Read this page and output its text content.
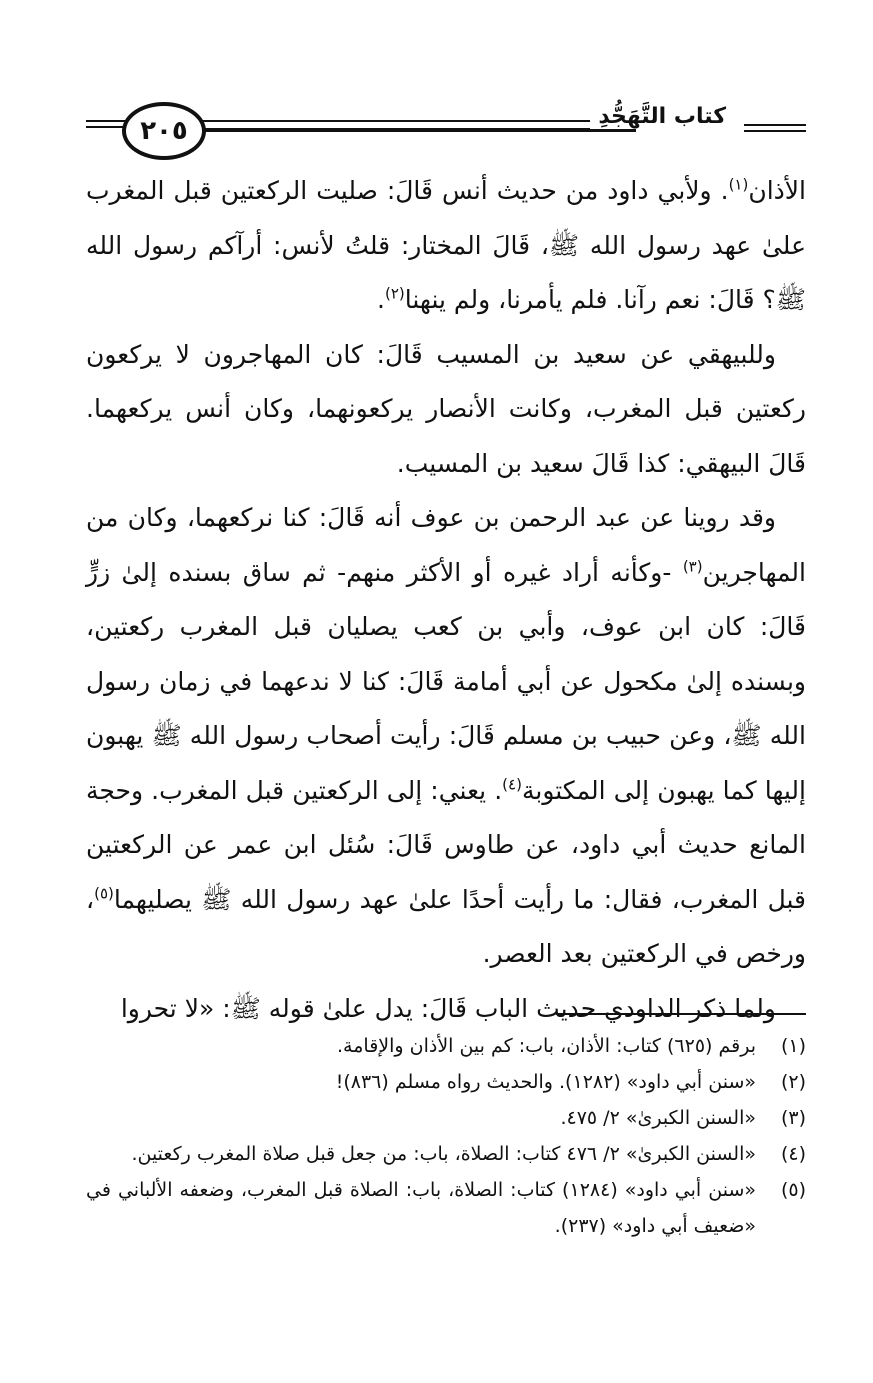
٢٠٥	كتاب التَّهَجُّدِ

الأذان$^{(١)}$. ولأبي داود من حديث أنس قَالَ: صليت الركعتين قبل المغرب علىٰ عهد رسول الله ﷺ، قَالَ المختار: قلتُ لأنس: أرآكم رسول الله ﷺ؟ قَالَ: نعم رآنا. فلم يأمرنا، ولم ينهنا$^{(٢)}$.

وللبيهقي عن سعيد بن المسيب قَالَ: كان المهاجرون لا يركعون ركعتين قبل المغرب، وكانت الأنصار يركعونهما، وكان أنس يركعهما. قَالَ البيهقي: كذا قَالَ سعيد بن المسيب.

وقد روينا عن عبد الرحمن بن عوف أنه قَالَ: كنا نركعهما، وكان من المهاجرين$^{(٣)}$ -وكأنه أراد غيره أو الأكثر منهم- ثم ساق بسنده إلىٰ زرٍّ قَالَ: كان ابن عوف، وأبي بن كعب يصليان قبل المغرب ركعتين، وبسنده إلىٰ مكحول عن أبي أمامة قَالَ: كنا لا ندعهما في زمان رسول الله ﷺ، وعن حبيب بن مسلم قَالَ: رأيت أصحاب رسول الله ﷺ يهبون إليها كما يهبون إلى المكتوبة$^{(٤)}$. يعني: إلى الركعتين قبل المغرب. وحجة المانع حديث أبي داود، عن طاوس قَالَ: سُئل ابن عمر عن الركعتين قبل المغرب، فقال: ما رأيت أحدًا علىٰ عهد رسول الله ﷺ يصليهما$^{(٥)}$، ورخص في الركعتين بعد العصر.

ولما ذكر الداودي حديث الباب قَالَ: يدل علىٰ قوله ﷺ: «لا تحروا

(١)
برقم (٦٢٥) كتاب: الأذان، باب: كم بين الأذان والإقامة.
(٢)
«سنن أبي داود» (١٢٨٢). والحديث رواه مسلم (٨٣٦)!
(٣)
«السنن الكبرىٰ» ٢/ ٤٧٥.
(٤)
«السنن الكبرىٰ» ٢/ ٤٧٦ كتاب: الصلاة، باب: من جعل قبل صلاة المغرب ركعتين.
(٥)
«سنن أبي داود» (١٢٨٤) كتاب: الصلاة، باب: الصلاة قبل المغرب، وضعفه الألباني في «ضعيف أبي داود» (٢٣٧).
